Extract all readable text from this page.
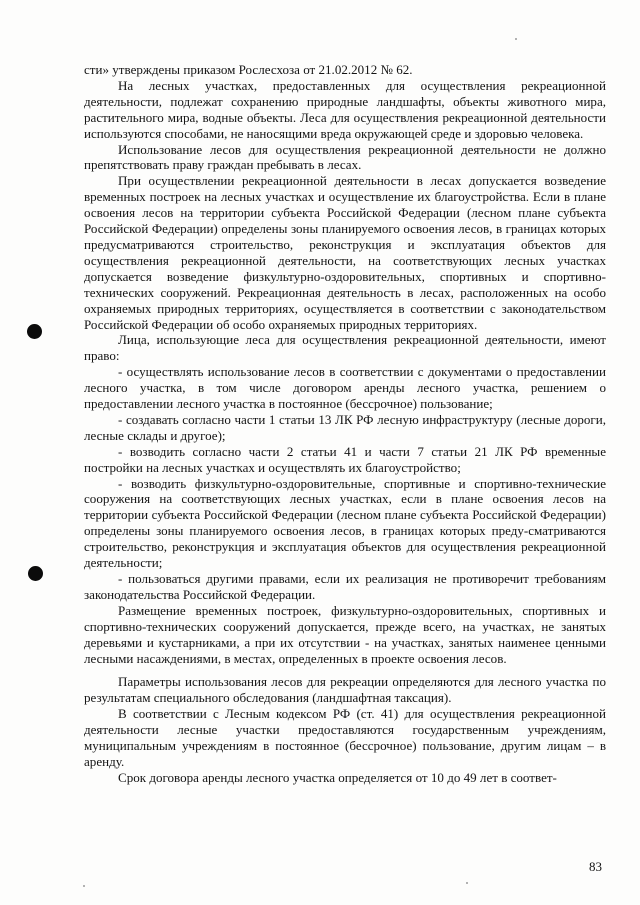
сти» утверждены приказом Рослесхоза от 21.02.2012 № 62.

На лесных участках, предоставленных для осуществления рекреационной деятельности, подлежат сохранению природные ландшафты, объекты животного мира, растительного мира, водные объекты. Леса для осуществления рекреационной деятельности используются способами, не наносящими вреда окружающей среде и здоровью человека.

Использование лесов для осуществления рекреационной деятельности не должно препятствовать праву граждан пребывать в лесах.

При осуществлении рекреационной деятельности в лесах допускается возведение временных построек на лесных участках и осуществление их благоустройства. Если в плане освоения лесов на территории субъекта Российской Федерации (лесном плане субъекта Российской Федерации) определены зоны планируемого освоения лесов, в границах которых предусматриваются строительство, реконструкция и эксплуатация объектов для осуществления рекреационной деятельности, на соответствующих лесных участках допускается возведение физкультурно-оздоровительных, спортивных и спортивно-технических сооружений. Рекреационная деятельность в лесах, расположенных на особо охраняемых природных территориях, осуществляется в соответствии с законодательством Российской Федерации об особо охраняемых природных территориях.

Лица, использующие леса для осуществления рекреационной деятельности, имеют право:

- осуществлять использование лесов в соответствии с документами о предоставлении лесного участка, в том числе договором аренды лесного участка, решением о предоставлении лесного участка в постоянное (бессрочное) пользование;

- создавать согласно части 1 статьи 13 ЛК РФ лесную инфраструктуру (лесные дороги, лесные склады и другое);

- возводить согласно части 2 статьи 41 и части 7 статьи 21 ЛК РФ временные постройки на лесных участках и осуществлять их благоустройство;

- возводить физкультурно-оздоровительные, спортивные и спортивно-технические сооружения на соответствующих лесных участках, если в плане освоения лесов на территории субъекта Российской Федерации (лесном плане субъекта Российской Федерации) определены зоны планируемого освоения лесов, в границах которых преду-сматриваются строительство, реконструкция и эксплуатация объектов для осуществления рекреационной деятельности;

- пользоваться другими правами, если их реализация не противоречит требованиям законодательства Российской Федерации.

Размещение временных построек, физкультурно-оздоровительных, спортивных и спортивно-технических сооружений допускается, прежде всего, на участках, не занятых деревьями и кустарниками, а при их отсутствии - на участках, занятых наименее ценными лесными насаждениями, в местах, определенных в проекте освоения лесов.

Параметры использования лесов для рекреации определяются для лесного участка по результатам специального обследования (ландшафтная таксация).

В соответствии с Лесным кодексом РФ (ст. 41) для осуществления рекреационной деятельности лесные участки предоставляются государственным учреждениям, муниципальным учреждениям в постоянное (бессрочное) пользование, другим лицам – в аренду.

Срок договора аренды лесного участка определяется от 10 до 49 лет в соответ-

83
